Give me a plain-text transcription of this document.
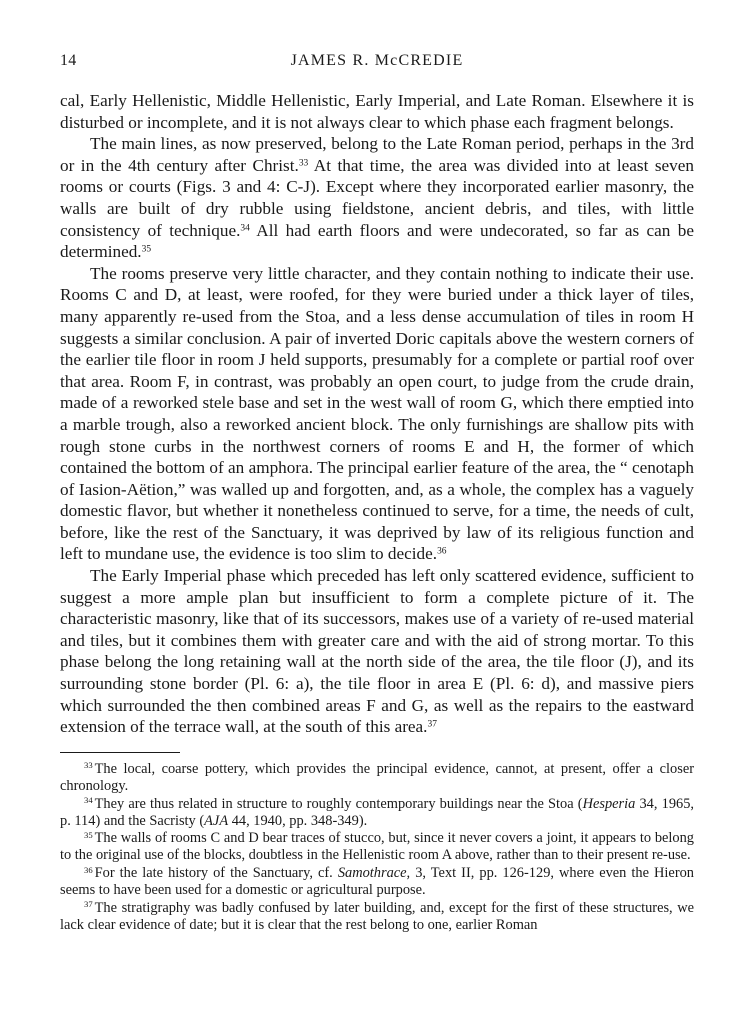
14	JAMES R. McCREDIE

cal, Early Hellenistic, Middle Hellenistic, Early Imperial, and Late Roman. Elsewhere it is disturbed or incomplete, and it is not always clear to which phase each fragment belongs.

The main lines, as now preserved, belong to the Late Roman period, perhaps in the 3rd or in the 4th century after Christ.$^{33}$ At that time, the area was divided into at least seven rooms or courts (Figs. 3 and 4: C-J). Except where they incorporated earlier masonry, the walls are built of dry rubble using fieldstone, ancient debris, and tiles, with little consistency of technique.$^{34}$ All had earth floors and were undecorated, so far as can be determined.$^{35}$

The rooms preserve very little character, and they contain nothing to indicate their use. Rooms C and D, at least, were roofed, for they were buried under a thick layer of tiles, many apparently re-used from the Stoa, and a less dense accumulation of tiles in room H suggests a similar conclusion. A pair of inverted Doric capitals above the western corners of the earlier tile floor in room J held supports, presumably for a complete or partial roof over that area. Room F, in contrast, was probably an open court, to judge from the crude drain, made of a reworked stele base and set in the west wall of room G, which there emptied into a marble trough, also a reworked ancient block. The only furnishings are shallow pits with rough stone curbs in the northwest corners of rooms E and H, the former of which contained the bottom of an amphora. The principal earlier feature of the area, the “ cenotaph of Iasion-Aëtion,” was walled up and forgotten, and, as a whole, the complex has a vaguely domestic flavor, but whether it nonetheless continued to serve, for a time, the needs of cult, before, like the rest of the Sanctuary, it was deprived by law of its religious function and left to mundane use, the evidence is too slim to decide.$^{36}$

The Early Imperial phase which preceded has left only scattered evidence, sufficient to suggest a more ample plan but insufficient to form a complete picture of it. The characteristic masonry, like that of its successors, makes use of a variety of re-used material and tiles, but it combines them with greater care and with the aid of strong mortar. To this phase belong the long retaining wall at the north side of the area, the tile floor (J), and its surrounding stone border (Pl. 6: a), the tile floor in area E (Pl. 6: d), and massive piers which surrounded the then combined areas F and G, as well as the repairs to the eastward extension of the terrace wall, at the south of this area.$^{37}$

$^{33}$ The local, coarse pottery, which provides the principal evidence, cannot, at present, offer a closer chronology.

$^{34}$ They are thus related in structure to roughly contemporary buildings near the Stoa (Hesperia 34, 1965, p. 114) and the Sacristy (AJA 44, 1940, pp. 348-349).

$^{35}$ The walls of rooms C and D bear traces of stucco, but, since it never covers a joint, it appears to belong to the original use of the blocks, doubtless in the Hellenistic room A above, rather than to their present re-use.

$^{36}$ For the late history of the Sanctuary, cf. Samothrace, 3, Text II, pp. 126-129, where even the Hieron seems to have been used for a domestic or agricultural purpose.

$^{37}$ The stratigraphy was badly confused by later building, and, except for the first of these structures, we lack clear evidence of date; but it is clear that the rest belong to one, earlier Roman
